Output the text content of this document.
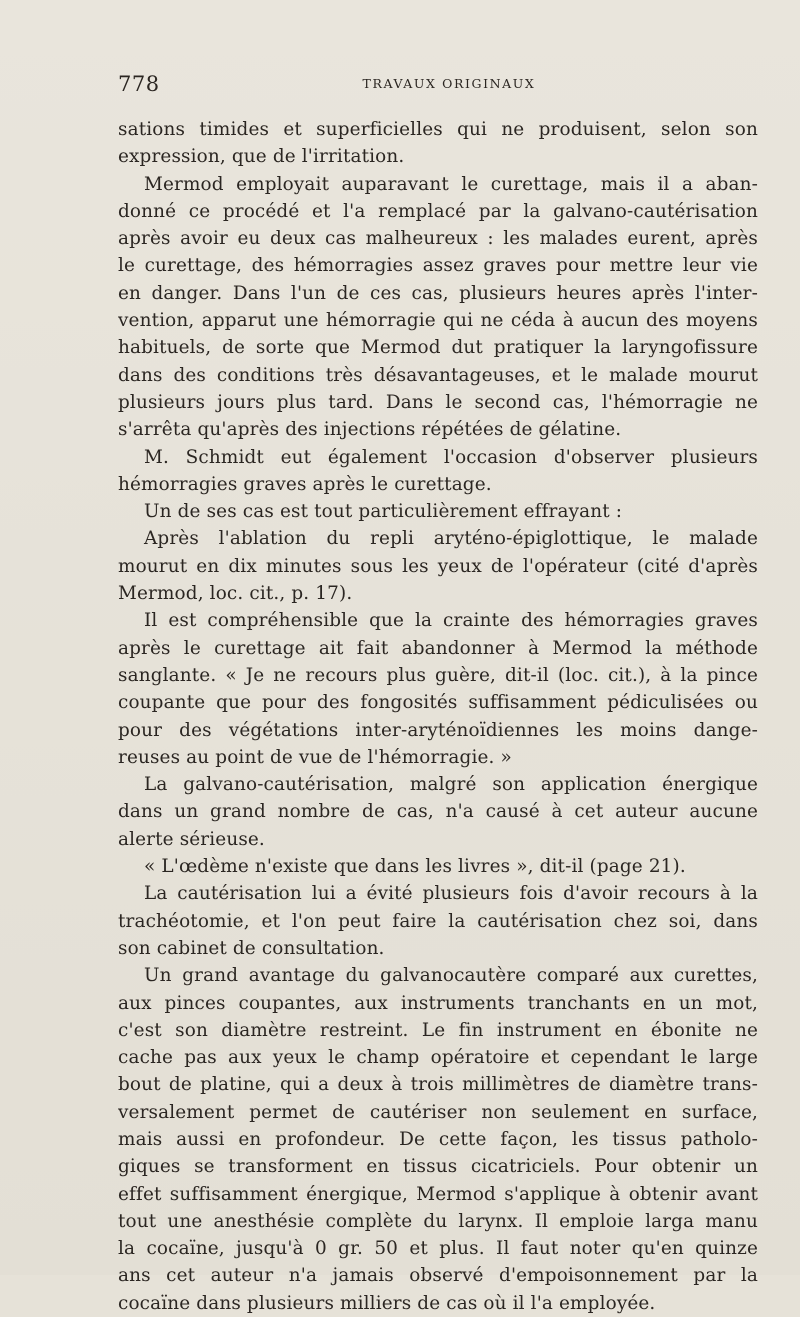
778	TRAVAUX ORIGINAUX
sations timides et superficielles qui ne produisent, selon son
expression, que de l'irritation.
Mermod employait auparavant le curettage, mais il a aban-
donné ce procédé et l'a remplacé par la galvano-cautérisation
après avoir eu deux cas malheureux : les malades eurent, après
le curettage, des hémorragies assez graves pour mettre leur vie
en danger. Dans l'un de ces cas, plusieurs heures après l'inter-
vention, apparut une hémorragie qui ne céda à aucun des moyens
habituels, de sorte que Mermod dut pratiquer la laryngofissure
dans des conditions très désavantageuses, et le malade mourut
plusieurs jours plus tard. Dans le second cas, l'hémorragie ne
s'arrêta qu'après des injections répétées de gélatine.
M. Schmidt eut également l'occasion d'observer plusieurs
hémorragies graves après le curettage.
Un de ses cas est tout particulièrement effrayant :
Après l'ablation du repli aryténo-épiglottique, le malade
mourut en dix minutes sous les yeux de l'opérateur (cité d'après
Mermod, loc. cit., p. 17).
Il est compréhensible que la crainte des hémorragies graves
après le curettage ait fait abandonner à Mermod la méthode
sanglante. « Je ne recours plus guère, dit-il (loc. cit.), à la pince
coupante que pour des fongosités suffisamment pédiculisées ou
pour des végétations inter-aryténoïdiennes les moins dange-
reuses au point de vue de l'hémorragie. »
La galvano-cautérisation, malgré son application énergique
dans un grand nombre de cas, n'a causé à cet auteur aucune
alerte sérieuse.
« L'œdème n'existe que dans les livres », dit-il (page 21).
La cautérisation lui a évité plusieurs fois d'avoir recours à la
trachéotomie, et l'on peut faire la cautérisation chez soi, dans
son cabinet de consultation.
Un grand avantage du galvanocautère comparé aux curettes,
aux pinces coupantes, aux instruments tranchants en un mot,
c'est son diamètre restreint. Le fin instrument en ébonite ne
cache pas aux yeux le champ opératoire et cependant le large
bout de platine, qui a deux à trois millimètres de diamètre trans-
versalement permet de cautériser non seulement en surface,
mais aussi en profondeur. De cette façon, les tissus patholo-
giques se transforment en tissus cicatriciels. Pour obtenir un
effet suffisamment énergique, Mermod s'applique à obtenir avant
tout une anesthésie complète du larynx. Il emploie larga manu
la cocaïne, jusqu'à 0 gr. 50 et plus. Il faut noter qu'en quinze
ans cet auteur n'a jamais observé d'empoisonnement par la
cocaïne dans plusieurs milliers de cas où il l'a employée.
